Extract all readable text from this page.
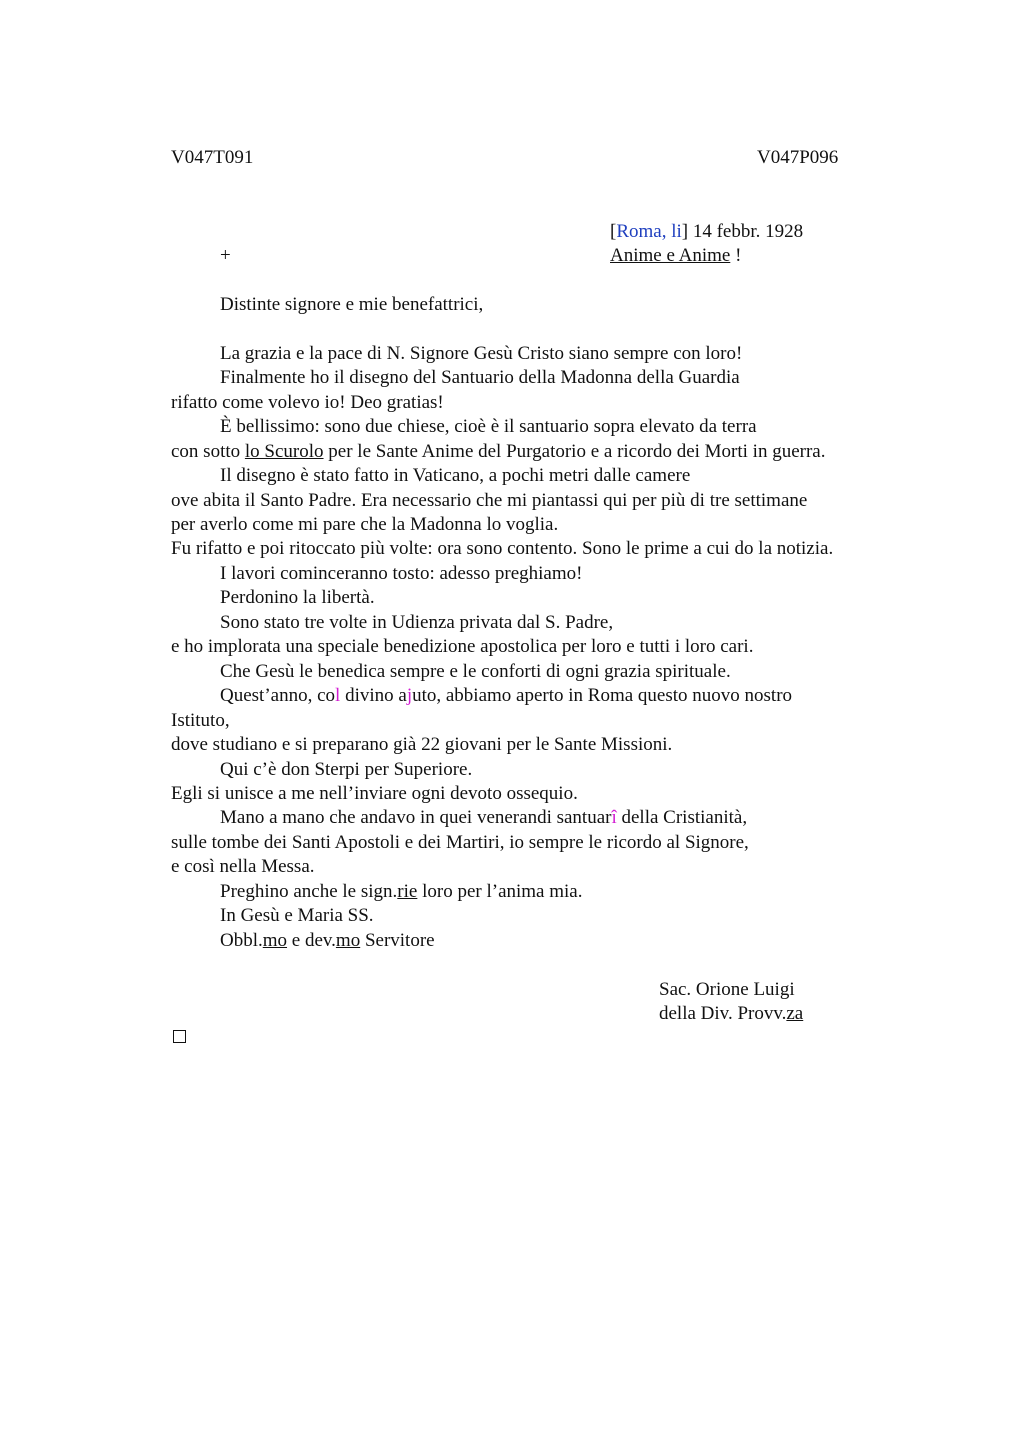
V047T091	V047P096
[Roma, li] 14 febbr. 1928
+	Anime e Anime !
Distinte signore e mie benefattrici,
La grazia e la pace di N. Signore Gesù Cristo siano sempre con loro!
Finalmente ho il disegno del Santuario della Madonna della Guardia
rifatto come volevo io! Deo gratias!
È bellissimo: sono due chiese, cioè è il santuario sopra elevato da terra
con sotto lo Scurolo per le Sante Anime del Purgatorio e a ricordo dei Morti in guerra.
Il disegno è stato fatto in Vaticano, a pochi metri dalle camere
ove abita il Santo Padre. Era necessario che mi piantassi qui per più di tre settimane
per averlo come mi pare che la Madonna lo voglia.
Fu rifatto e poi ritoccato più volte: ora sono contento. Sono le prime a cui do la notizia.
I lavori cominceranno tosto: adesso preghiamo!
Perdonino la libertà.
Sono stato tre volte in Udienza privata dal S. Padre,
e ho implorata una speciale benedizione apostolica per loro e tutti i loro cari.
Che Gesù le benedica sempre e le conforti di ogni grazia spirituale.
Quest’anno, col divino ajuto, abbiamo aperto in Roma questo nuovo nostro
Istituto,
dove studiano e si preparano già 22 giovani per le Sante Missioni.
Qui c’è don Sterpi per Superiore.
Egli si unisce a me nell’inviare ogni devoto ossequio.
Mano a mano che andavo in quei venerandi santuarî della Cristianità,
sulle tombe dei Santi Apostoli e dei Martiri, io sempre le ricordo al Signore,
e così nella Messa.
Preghino anche le sign.rie loro per l’anima mia.
In Gesù e Maria SS.
Obbl.mo e dev.mo Servitore
Sac. Orione Luigi
della Div. Provv.za
